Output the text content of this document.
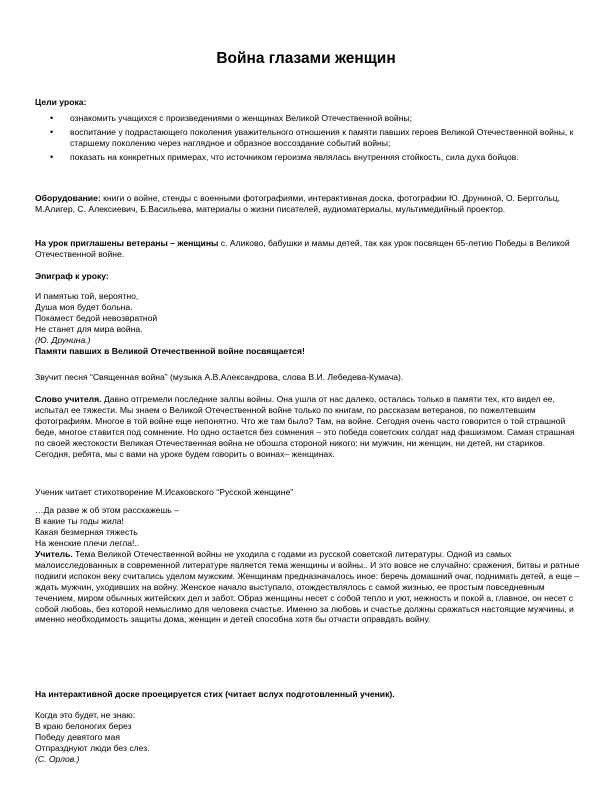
Война глазами женщин
Цели урока:
• ознакомить учащихся с произведениями о женщинах Великой Отечественной войны;
• воспитание у подрастающего поколения уважительного отношения к памяти павших героев Великой Отечественной войны, к старшему поколению через наглядное и образное воссоздание событий войны;
• показать на конкретных примерах, что источником героизма являлась внутренняя стойкость, сила духа бойцов.

Оборудование: книги о войне, стенды с военными фотографиями, интерактивная доска, фотографии Ю. Друниной, О. Берггольц, М.Алигер, С. Алексиевич, Б.Васильева, материалы о жизни писателей, аудиоматериалы, мультимедийный проектор.

На урок приглашены ветераны – женщины с. Аликово, бабушки и мамы детей, так как урок посвящен 65-летию Победы в Великой Отечественной войне.

Эпиграф к уроку:
И памятью той, вероятно,
Душа моя будет больна.
Покамест бедой невозвратной
Не станет для мира война.
(Ю. Друнина.)
Памяти павших в Великой Отечественной войне посвящается!

Звучит песня “Священная война” (музыка А.В.Александрова, слова В.И. Лебедева-Кумача).

Слово учителя. Давно отгремели последние залпы войны. Она ушла от нас далеко, осталась только в памяти тех, кто видел ее, испытал ее тяжести. Мы знаем о Великой Отечественной войне только по книгам, по рассказам ветеранов, по пожелтевшим фотографиям. Многое в той войне еще непонятно. Что же там было? Там, на войне. Сегодня очень часто говорится о той страшной беде, многое ставится под сомнение. Но одно остается без сомнения – это победа советских солдат над фашизмом. Самая страшная по своей жестокости Великая Отечественная война не обошла стороной никого: ни мужчин, ни женщин, ни детей, ни стариков. Сегодня, ребята, мы с вами на уроке будем говорить о воинах– женщинах.

Ученик читает стихотворение М.Исаковского “Русской женщине”

…Да разве ж об этом расскажешь –
В какие ты годы жила!
Какая безмерная тяжесть
На женские плечи легла!..

Учитель. Тема Великой Отечественной войны не уходила с годами из русской советской литературы. Одной из самых малоисследованных в современной литературе является тема женщины и войны.. И это вовсе не случайно: сражения, битвы и ратные подвиги испокон веку считались уделом мужским. Женщинам предназначалось иное: беречь домашний очаг, поднимать детей, а еще – ждать мужчин, уходивших на войну. Женское начало выступало, отождествлялось с самой жизнью, ее простым повседневным течением, миром обычных житейских дел и забот. Образ женщины несет с собой тепло и уют, нежность и покой а, главное, он несет с собой любовь, без которой немыслимо для человека счастье. Именно за любовь и счастье должны сражаться настоящие мужчины, и именно необходимость защиты дома, женщин и детей способна хотя бы отчасти оправдать войну.

На интерактивной доске проецируется стих (читает вслух подготовленный ученик).

Когда это будет, не знаю:
В краю белоногих берез
Победу девятого мая
Отпразднуют люди без слез.
(С. Орлов.)
